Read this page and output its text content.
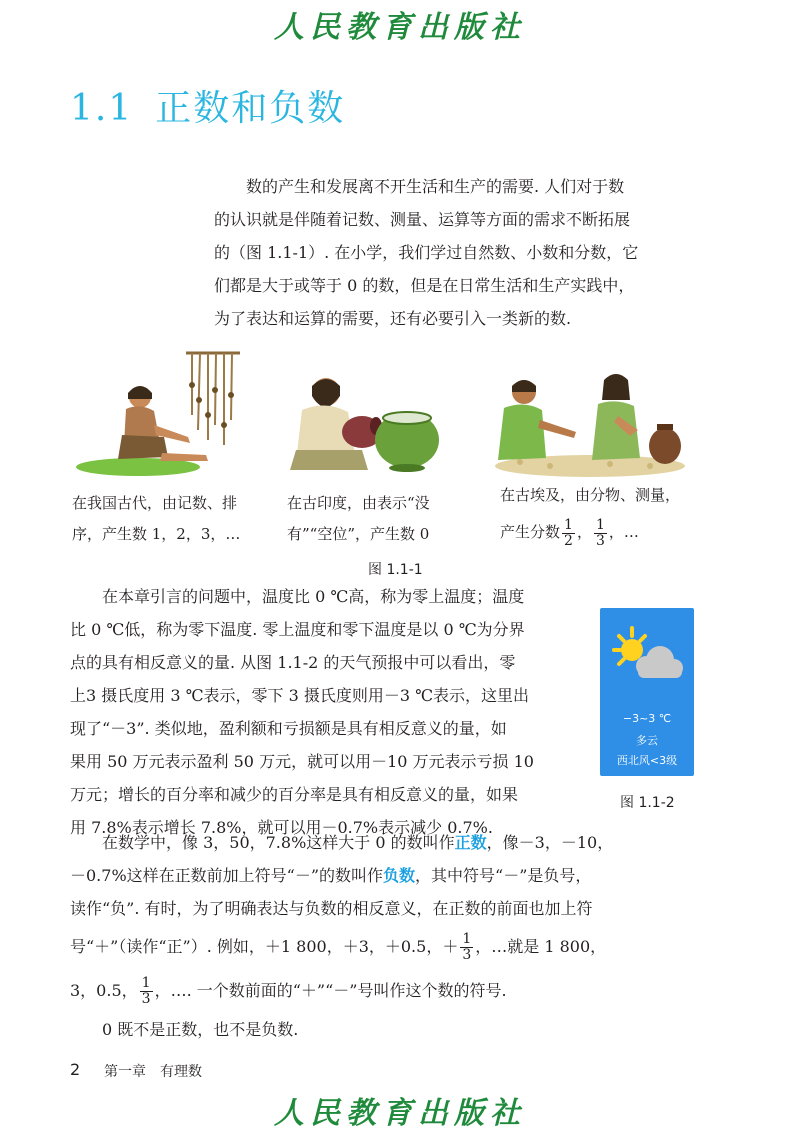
人民教育出版社
1.1 正数和负数
数的产生和发展离不开生活和生产的需要. 人们对于数
的认识就是伴随着记数、测量、运算等方面的需求不断拓展
的（图 1.1-1）. 在小学，我们学过自然数、小数和分数，它
们都是大于或等于 0 的数，但是在日常生活和生产实践中，
为了表达和运算的需要，还有必要引入一类新的数.
在我国古代，由记数、排
序，产生数 1，2，3，…
在古印度，由表示“没
有”“空位”，产生数 0
在古埃及，由分物、测量，
产生分数 $\frac{1}{2}$ ， $\frac{1}{3}$ ，…
图 1.1-1
在本章引言的问题中，温度比 0 ℃高，称为零上温度；温度
比 0 ℃低，称为零下温度. 零上温度和零下温度是以 0 ℃为分界
点的具有相反意义的量. 从图 1.1-2 的天气预报中可以看出，零
上3 摄氏度用 3 ℃表示，零下 3 摄氏度则用－3 ℃表示，这里出
现了“－3”. 类似地，盈利额和亏损额是具有相反意义的量，如
果用 50 万元表示盈利 50 万元，就可以用－10 万元表示亏损 10
万元；增长的百分率和减少的百分率是具有相反意义的量，如果
用 7.8%表示增长 7.8%，就可以用－0.7%表示减少 0.7%.
−3~3 ℃
多云
西北风<3级
图 1.1-2
在数学中，像 3，50，7.8%这样大于 0 的数叫作正数，像－3，－10，
－0.7%这样在正数前加上符号“－”的数叫作负数，其中符号“－”是负号，
读作“负”. 有时，为了明确表达与负数的相反意义，在正数的前面也加上符
号“＋”（读作“正”）. 例如，＋1 800，＋3，＋0.5，＋ $\frac{1}{3}$ ，…就是 1 800，
3，0.5， $\frac{1}{3}$ ，…. 一个数前面的“＋”“－”号叫作这个数的符号.
0 既不是正数，也不是负数.
2 第一章　有理数
人民教育出版社
